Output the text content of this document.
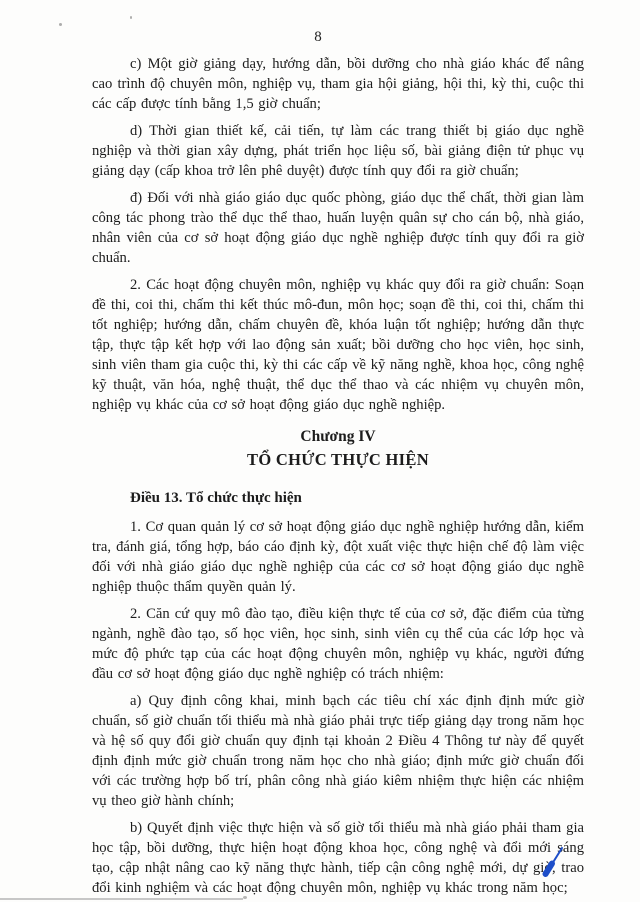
8

c) Một giờ giảng dạy, hướng dẫn, bồi dưỡng cho nhà giáo khác để nâng cao trình độ chuyên môn, nghiệp vụ, tham gia hội giảng, hội thi, kỳ thi, cuộc thi các cấp được tính bằng 1,5 giờ chuẩn;

d) Thời gian thiết kế, cải tiến, tự làm các trang thiết bị giáo dục nghề nghiệp và thời gian xây dựng, phát triển học liệu số, bài giảng điện tử phục vụ giảng dạy (cấp khoa trở lên phê duyệt) được tính quy đổi ra giờ chuẩn;

đ) Đối với nhà giáo giáo dục quốc phòng, giáo dục thể chất, thời gian làm công tác phong trào thể dục thể thao, huấn luyện quân sự cho cán bộ, nhà giáo, nhân viên của cơ sở hoạt động giáo dục nghề nghiệp được tính quy đổi ra giờ chuẩn.

2. Các hoạt động chuyên môn, nghiệp vụ khác quy đổi ra giờ chuẩn: Soạn đề thi, coi thi, chấm thi kết thúc mô-đun, môn học; soạn đề thi, coi thi, chấm thi tốt nghiệp; hướng dẫn, chấm chuyên đề, khóa luận tốt nghiệp; hướng dẫn thực tập, thực tập kết hợp với lao động sản xuất; bồi dưỡng cho học viên, học sinh, sinh viên tham gia cuộc thi, kỳ thi các cấp về kỹ năng nghề, khoa học, công nghệ kỹ thuật, văn hóa, nghệ thuật, thể dục thể thao và các nhiệm vụ chuyên môn, nghiệp vụ khác của cơ sở hoạt động giáo dục nghề nghiệp.

Chương IV
TỔ CHỨC THỰC HIỆN
Điều 13. Tổ chức thực hiện

1. Cơ quan quản lý cơ sở hoạt động giáo dục nghề nghiệp hướng dẫn, kiểm tra, đánh giá, tổng hợp, báo cáo định kỳ, đột xuất việc thực hiện chế độ làm việc đối với nhà giáo giáo dục nghề nghiệp của các cơ sở hoạt động giáo dục nghề nghiệp thuộc thẩm quyền quản lý.

2. Căn cứ quy mô đào tạo, điều kiện thực tế của cơ sở, đặc điểm của từng ngành, nghề đào tạo, số học viên, học sinh, sinh viên cụ thể của các lớp học và mức độ phức tạp của các hoạt động chuyên môn, nghiệp vụ khác, người đứng đầu cơ sở hoạt động giáo dục nghề nghiệp có trách nhiệm:

a) Quy định công khai, minh bạch các tiêu chí xác định định mức giờ chuẩn, số giờ chuẩn tối thiểu mà nhà giáo phải trực tiếp giảng dạy trong năm học và hệ số quy đổi giờ chuẩn quy định tại khoản 2 Điều 4 Thông tư này để quyết định định mức giờ chuẩn trong năm học cho nhà giáo; định mức giờ chuẩn đối với các trường hợp bố trí, phân công nhà giáo kiêm nhiệm thực hiện các nhiệm vụ theo giờ hành chính;

b) Quyết định việc thực hiện và số giờ tối thiểu mà nhà giáo phải tham gia học tập, bồi dưỡng, thực hiện hoạt động khoa học, công nghệ và đổi mới sáng tạo, cập nhật nâng cao kỹ năng thực hành, tiếp cận công nghệ mới, dự giờ, trao đổi kinh nghiệm và các hoạt động chuyên môn, nghiệp vụ khác trong năm học;
